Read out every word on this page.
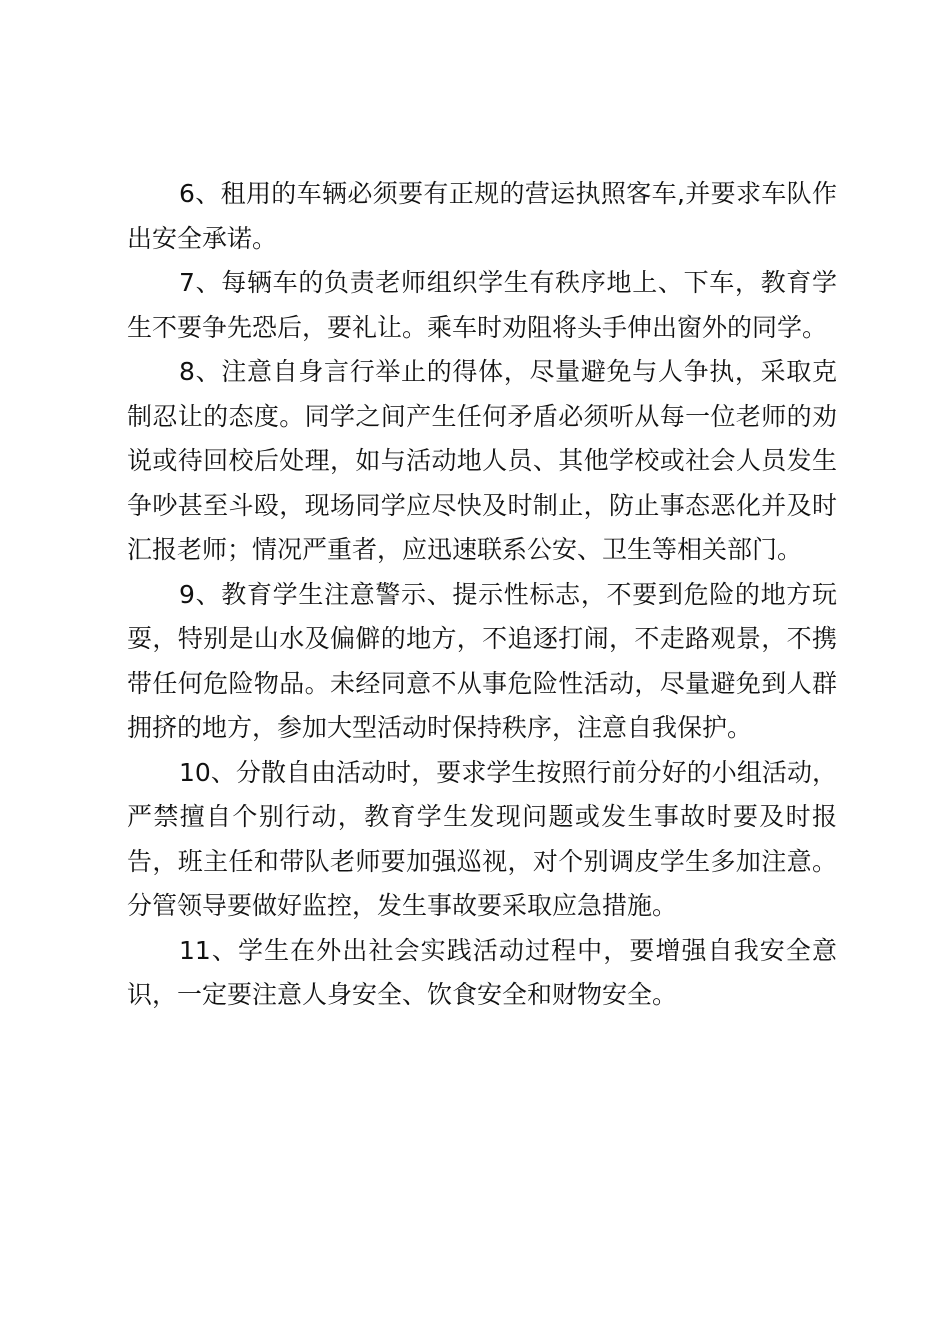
6、租用的车辆必须要有正规的营运执照客车,并要求车队作出安全承诺。

7、每辆车的负责老师组织学生有秩序地上、下车，教育学生不要争先恐后，要礼让。乘车时劝阻将头手伸出窗外的同学。

8、注意自身言行举止的得体，尽量避免与人争执，采取克制忍让的态度。同学之间产生任何矛盾必须听从每一位老师的劝说或待回校后处理，如与活动地人员、其他学校或社会人员发生争吵甚至斗殴，现场同学应尽快及时制止，防止事态恶化并及时汇报老师；情况严重者，应迅速联系公安、卫生等相关部门。

9、教育学生注意警示、提示性标志，不要到危险的地方玩耍，特别是山水及偏僻的地方，不追逐打闹，不走路观景，不携带任何危险物品。未经同意不从事危险性活动，尽量避免到人群拥挤的地方，参加大型活动时保持秩序，注意自我保护。

10、分散自由活动时，要求学生按照行前分好的小组活动，严禁擅自个别行动，教育学生发现问题或发生事故时要及时报告，班主任和带队老师要加强巡视，对个别调皮学生多加注意。分管领导要做好监控，发生事故要采取应急措施。

11、学生在外出社会实践活动过程中，要增强自我安全意识，一定要注意人身安全、饮食安全和财物安全。
